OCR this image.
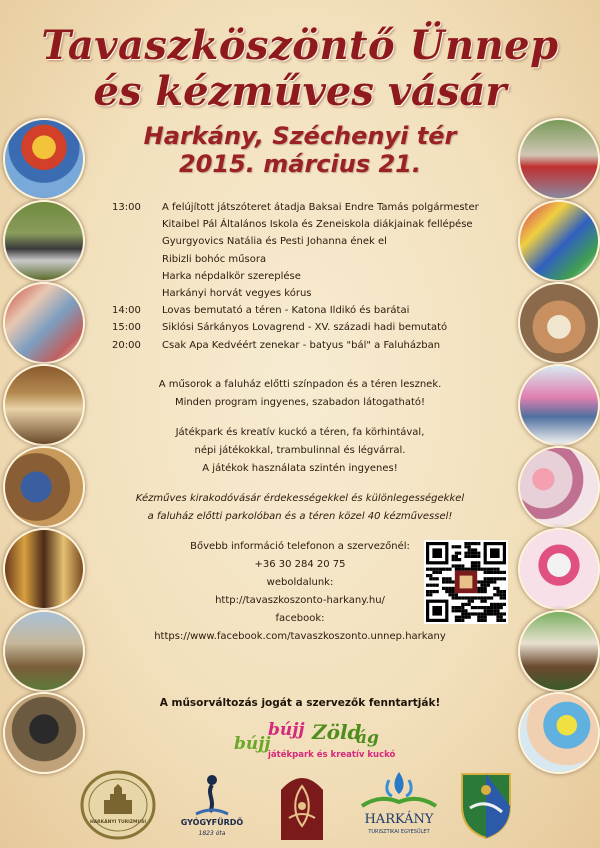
Tavaszköszöntő Ünnep
és kézműves vásár
Harkány, Széchenyi tér
2015. március 21.
13:00 A felújított játszóteret átadja Baksai Endre Tamás polgármester
Kitaibel Pál Általános Iskola és Zeneiskola diákjainak fellépése
Gyurgyovics Natália és Pesti Johanna ének el
Ribizli bohóc műsora
Harka népdalkör szereplése
Harkányi horvát vegyes kórus
14:00 Lovas bemutató a téren - Katona Ildikó és barátai
15:00 Siklósi Sárkányos Lovagrend - XV. századi hadi bemutató
20:00 Csak Apa Kedvéért zenekar - batyus "bál" a Faluházban
A műsorok a faluház előtti színpadon és a téren lesznek.
Minden program ingyenes, szabadon látogatható!
Játékpark és kreatív kuckó a téren, fa körhintával,
népi játékokkal, trambulinnal és légvárral.
A játékok használata szintén ingyenes!
Kézműves kirakodóvásár érdekességekkel és különlegességekkel
a faluház előtti parkolóban és a téren közel 40 kézművessel!
Bővebb információ telefonon a szervezőnél:
+36 30 284 20 75
weboldalunk:
http://tavaszkoszonto-harkany.hu/
facebook:
https://www.facebook.com/tavaszkoszonto.unnep.harkany
A műsorváltozás jogát a szervezők fenntartják!
bújj
bújj Zöld
ág
játékpark és kreatív kuckó
HARKÁNYI TURIZMUSI	GYÓGYFÜRDŐ
1823 óta
HARKÁNY
TURISZTIKAI EGYESÜLET
